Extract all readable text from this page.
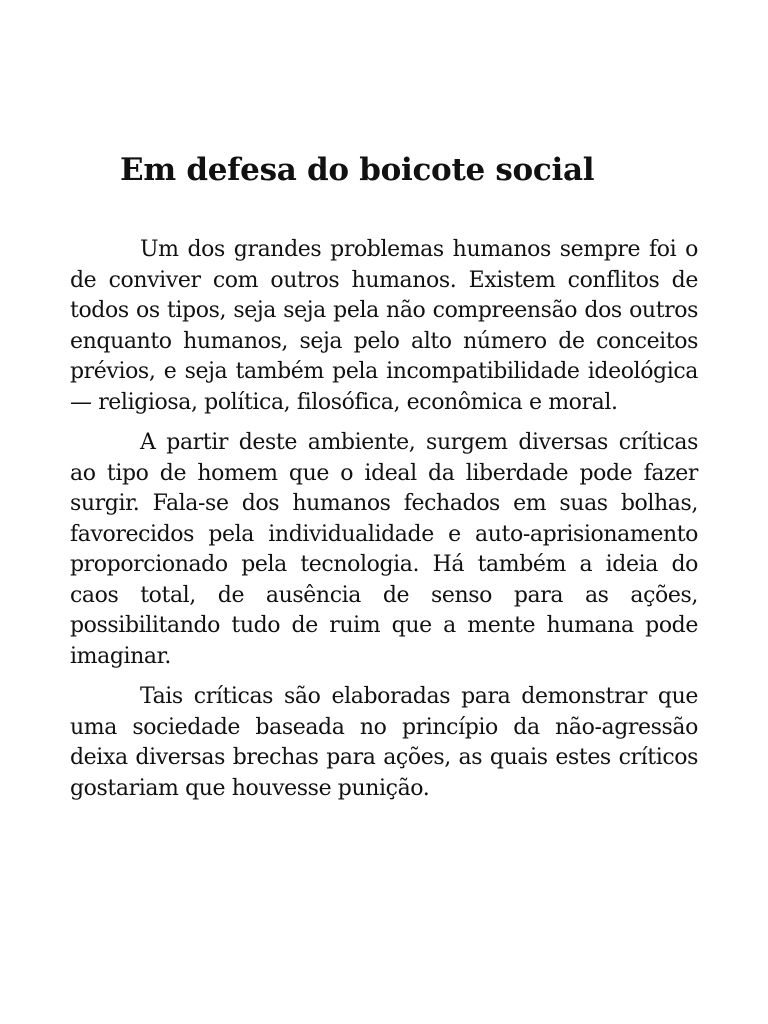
Em defesa do boicote social

Um dos grandes problemas humanos sempre foi o de conviver com outros humanos. Existem conflitos de todos os tipos, seja seja pela não compreensão dos outros enquanto humanos, seja pelo alto número de conceitos prévios, e seja também pela incompatibilidade ideológica — religiosa, política, filosófica, econômica e moral.

A partir deste ambiente, surgem diversas críticas ao tipo de homem que o ideal da liberdade pode fazer surgir. Fala-se dos humanos fechados em suas bolhas, favorecidos pela individualidade e auto-aprisionamento proporcionado pela tecnologia. Há também a ideia do caos total, de ausência de senso para as ações, possibilitando tudo de ruim que a mente humana pode imaginar.

Tais críticas são elaboradas para demonstrar que uma sociedade baseada no princípio da não-agressão deixa diversas brechas para ações, as quais estes críticos gostariam que houvesse punição.
